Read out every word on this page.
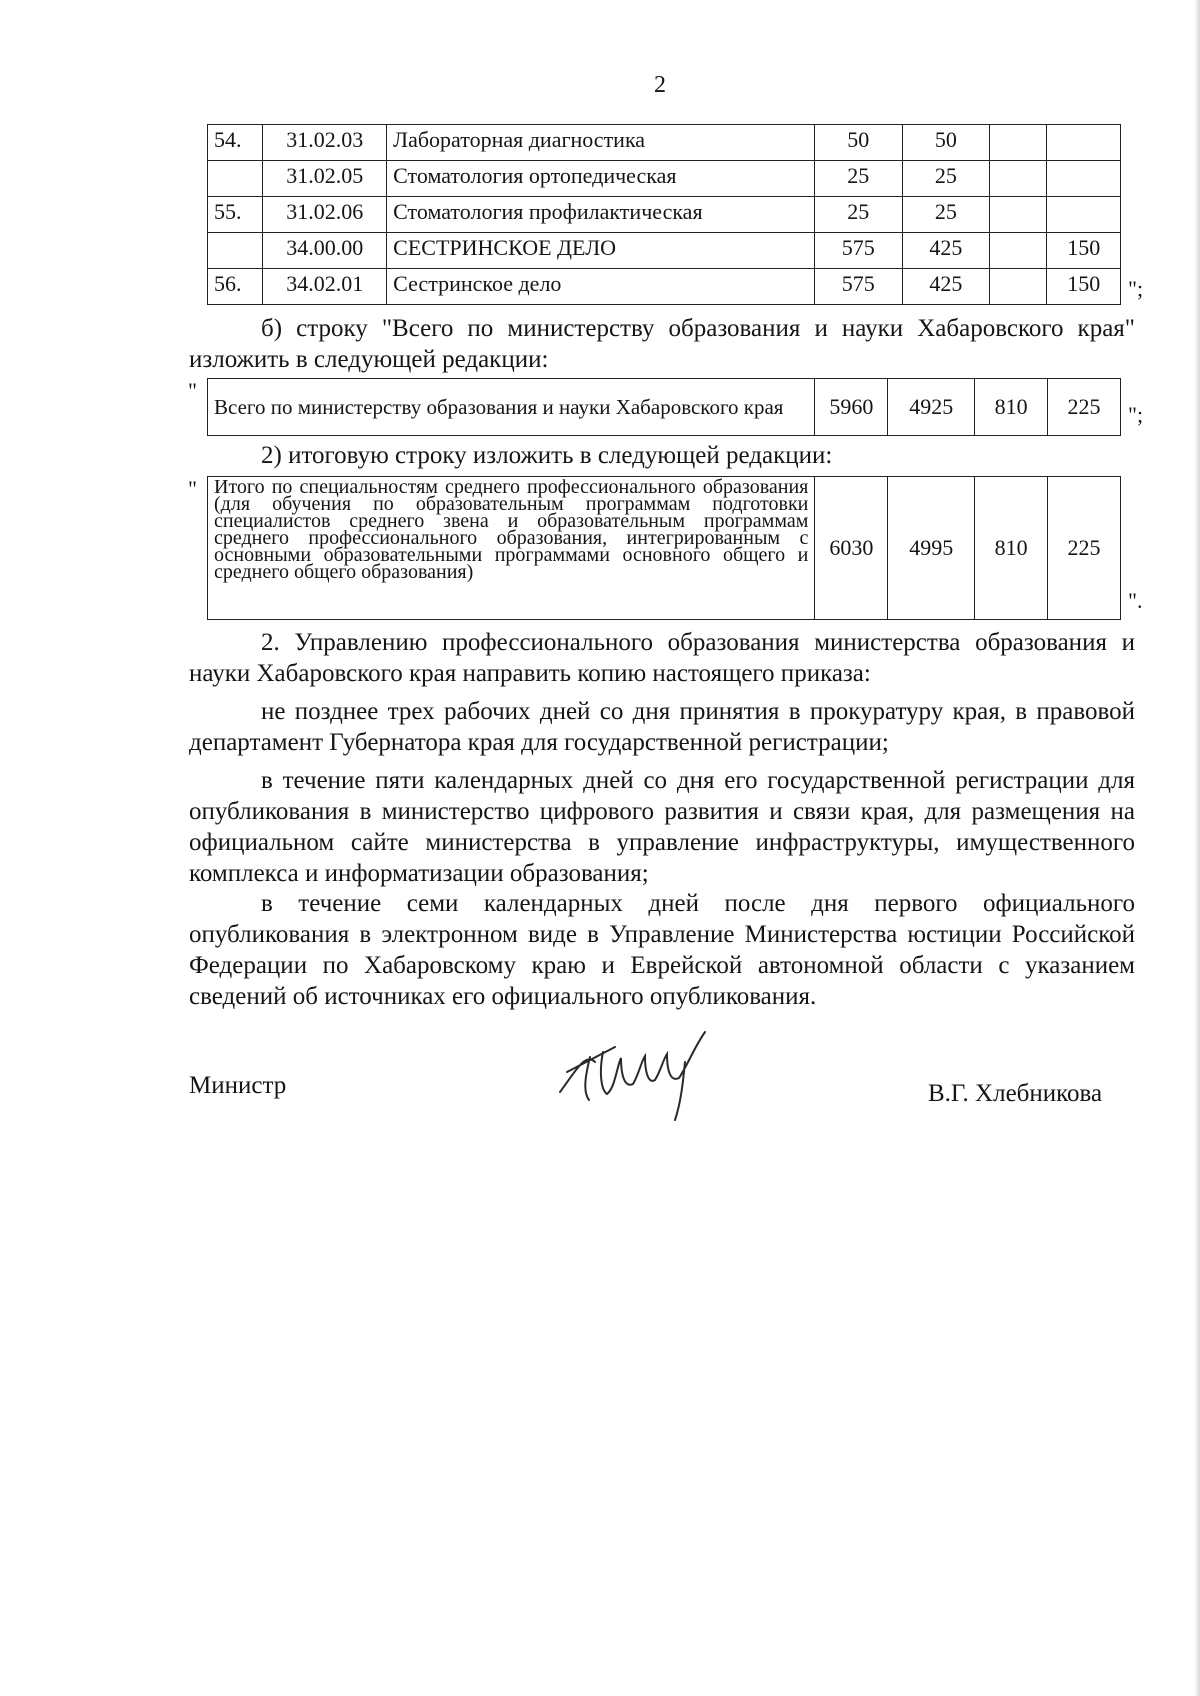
2
54.	31.02.03	Лабораторная диагностика	50	50		
	31.02.05	Стоматология ортопедическая	25	25		
55.	31.02.06	Стоматология профилактическая	25	25		
	34.00.00	СЕСТРИНСКОЕ ДЕЛО	575	425		150
56.	34.02.01	Сестринское дело	575	425		150 ";
б) строку "Всего по министерству образования и науки Хабаровского края" изложить в следующей редакции:
"
Всего по министерству образования и науки Хабаровского края	5960	4925	810	225 ";
2) итоговую строку изложить в следующей редакции:
" Итого по специальностям среднего профессионального образования (для обучения по образовательным программам подготовки специалистов среднего звена и образовательным программам среднего профессионального образования, интегрированным с основными образовательными программами основного общего и среднего общего образования)	6030	4995	810	225
".
2. Управлению профессионального образования министерства образования и науки Хабаровского края направить копию настоящего приказа:
не позднее трех рабочих дней со дня принятия в прокуратуру края, в правовой департамент Губернатора края для государственной регистрации;
в течение пяти календарных дней со дня его государственной регистрации для опубликования в министерство цифрового развития и связи края, для размещения на официальном сайте министерства в управление инфраструктуры, имущественного комплекса и информатизации образования;
в течение семи календарных дней после дня первого официального опубликования в электронном виде в Управление Министерства юстиции Российской Федерации по Хабаровскому краю и Еврейской автономной области с указанием сведений об источниках его официального опубликования.
Министр	В.Г. Хлебникова
